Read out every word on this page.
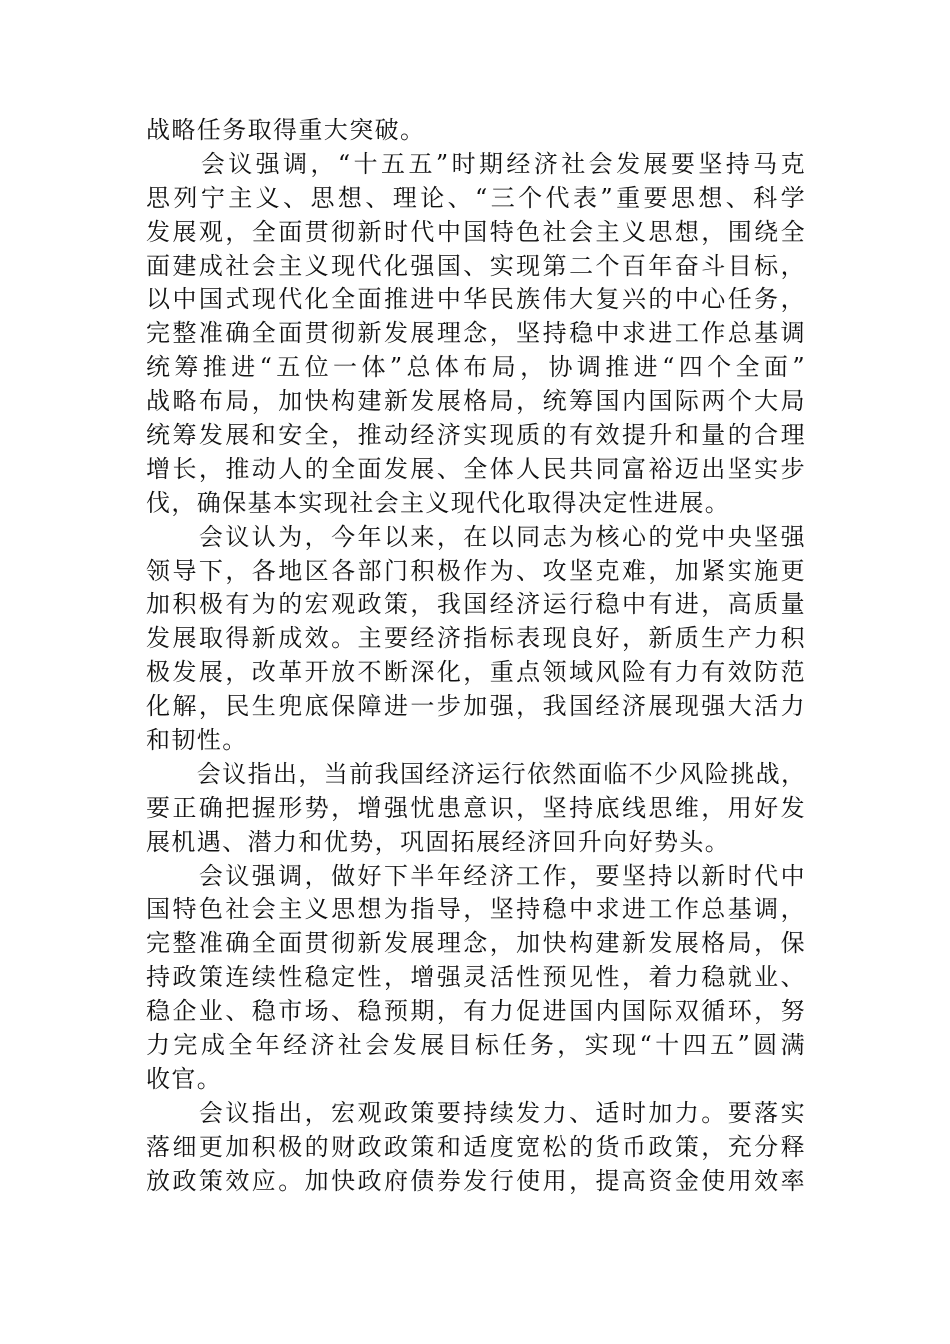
战略任务取得重大突破。
　　会议强调，“十五五”时期经济社会发展要坚持马克
思列宁主义、思想、理论、“三个代表”重要思想、科学
发展观，全面贯彻新时代中国特色社会主义思想，围绕全
面建成社会主义现代化强国、实现第二个百年奋斗目标，
以中国式现代化全面推进中华民族伟大复兴的中心任务，
完整准确全面贯彻新发展理念，坚持稳中求进工作总基调
统筹推进“五位一体”总体布局，协调推进“四个全面”
战略布局，加快构建新发展格局，统筹国内国际两个大局
统筹发展和安全，推动经济实现质的有效提升和量的合理
增长，推动人的全面发展、全体人民共同富裕迈出坚实步
伐，确保基本实现社会主义现代化取得决定性进展。
　　会议认为，今年以来，在以同志为核心的党中央坚强
领导下，各地区各部门积极作为、攻坚克难，加紧实施更
加积极有为的宏观政策，我国经济运行稳中有进，高质量
发展取得新成效。主要经济指标表现良好，新质生产力积
极发展，改革开放不断深化，重点领域风险有力有效防范
化解，民生兜底保障进一步加强，我国经济展现强大活力
和韧性。
　　会议指出，当前我国经济运行依然面临不少风险挑战，
要正确把握形势，增强忧患意识，坚持底线思维，用好发
展机遇、潜力和优势，巩固拓展经济回升向好势头。
　　会议强调，做好下半年经济工作，要坚持以新时代中
国特色社会主义思想为指导，坚持稳中求进工作总基调，
完整准确全面贯彻新发展理念，加快构建新发展格局，保
持政策连续性稳定性，增强灵活性预见性，着力稳就业、
稳企业、稳市场、稳预期，有力促进国内国际双循环，努
力完成全年经济社会发展目标任务，实现“十四五”圆满
收官。
　　会议指出，宏观政策要持续发力、适时加力。要落实
落细更加积极的财政政策和适度宽松的货币政策，充分释
放政策效应。加快政府债券发行使用，提高资金使用效率
